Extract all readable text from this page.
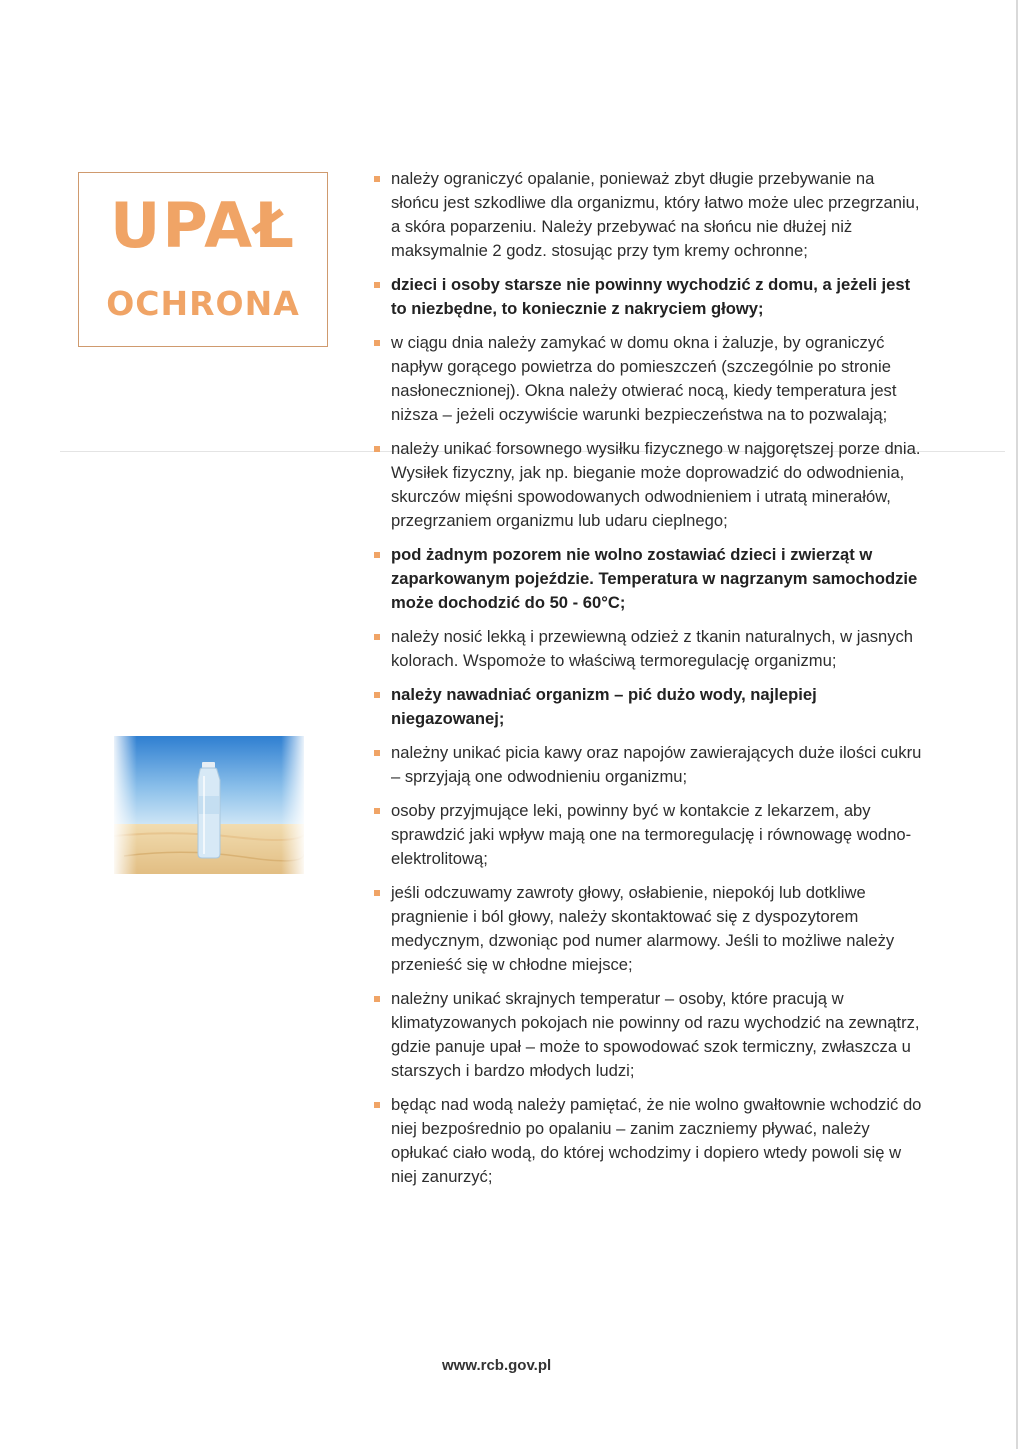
UPAŁ
OCHRONA
należy ograniczyć opalanie, ponieważ zbyt długie przebywanie na słońcu jest szkodliwe dla organizmu, który łatwo może ulec przegrzaniu, a skóra poparzeniu. Należy przebywać na słońcu nie dłużej niż maksymalnie 2 godz. stosując przy tym kremy ochronne;
dzieci i osoby starsze nie powinny wychodzić z domu, a jeżeli jest to niezbędne, to koniecznie z nakryciem głowy;
w ciągu dnia należy zamykać w domu okna i żaluzje, by ograniczyć napływ gorącego powietrza do pomieszczeń (szczególnie po stronie nasłonecznionej). Okna należy otwierać nocą, kiedy temperatura jest niższa – jeżeli oczywiście warunki bezpieczeństwa na to pozwalają;
należy unikać forsownego wysiłku fizycznego w najgorętszej porze dnia. Wysiłek fizyczny, jak np. bieganie może doprowadzić do odwodnienia, skurczów mięśni spowodowanych odwodnieniem i utratą minerałów, przegrzaniem organizmu lub udaru cieplnego;
pod żadnym pozorem nie wolno zostawiać dzieci i zwierząt w zaparkowanym pojeździe. Temperatura w nagrzanym samochodzie może dochodzić do 50 - 60°C;
należy nosić lekką i przewiewną odzież z tkanin naturalnych, w jasnych kolorach. Wspomoże to właściwą termoregulację organizmu;
należy nawadniać organizm – pić dużo wody, najlepiej niegazowanej;
należny unikać picia kawy oraz napojów zawierających duże ilości cukru – sprzyjają one odwodnieniu organizmu;
osoby przyjmujące leki, powinny być w kontakcie z lekarzem, aby sprawdzić jaki wpływ mają one na termoregulację i równowagę wodno-elektrolitową;
jeśli odczuwamy zawroty głowy, osłabienie, niepokój lub dotkliwe pragnienie i ból głowy, należy skontaktować się z dyspozytorem medycznym, dzwoniąc pod numer alarmowy. Jeśli to możliwe należy przenieść się w chłodne miejsce;
należny unikać skrajnych temperatur – osoby, które pracują w klimatyzowanych pokojach nie powinny od razu wychodzić na zewnątrz, gdzie panuje upał – może to spowodować szok termiczny, zwłaszcza u starszych i bardzo młodych ludzi;
będąc nad wodą należy pamiętać, że nie wolno gwałtownie wchodzić do niej bezpośrednio po opalaniu – zanim zaczniemy pływać, należy opłukać ciało wodą, do której wchodzimy i dopiero wtedy powoli się w niej zanurzyć;
www.rcb.gov.pl
